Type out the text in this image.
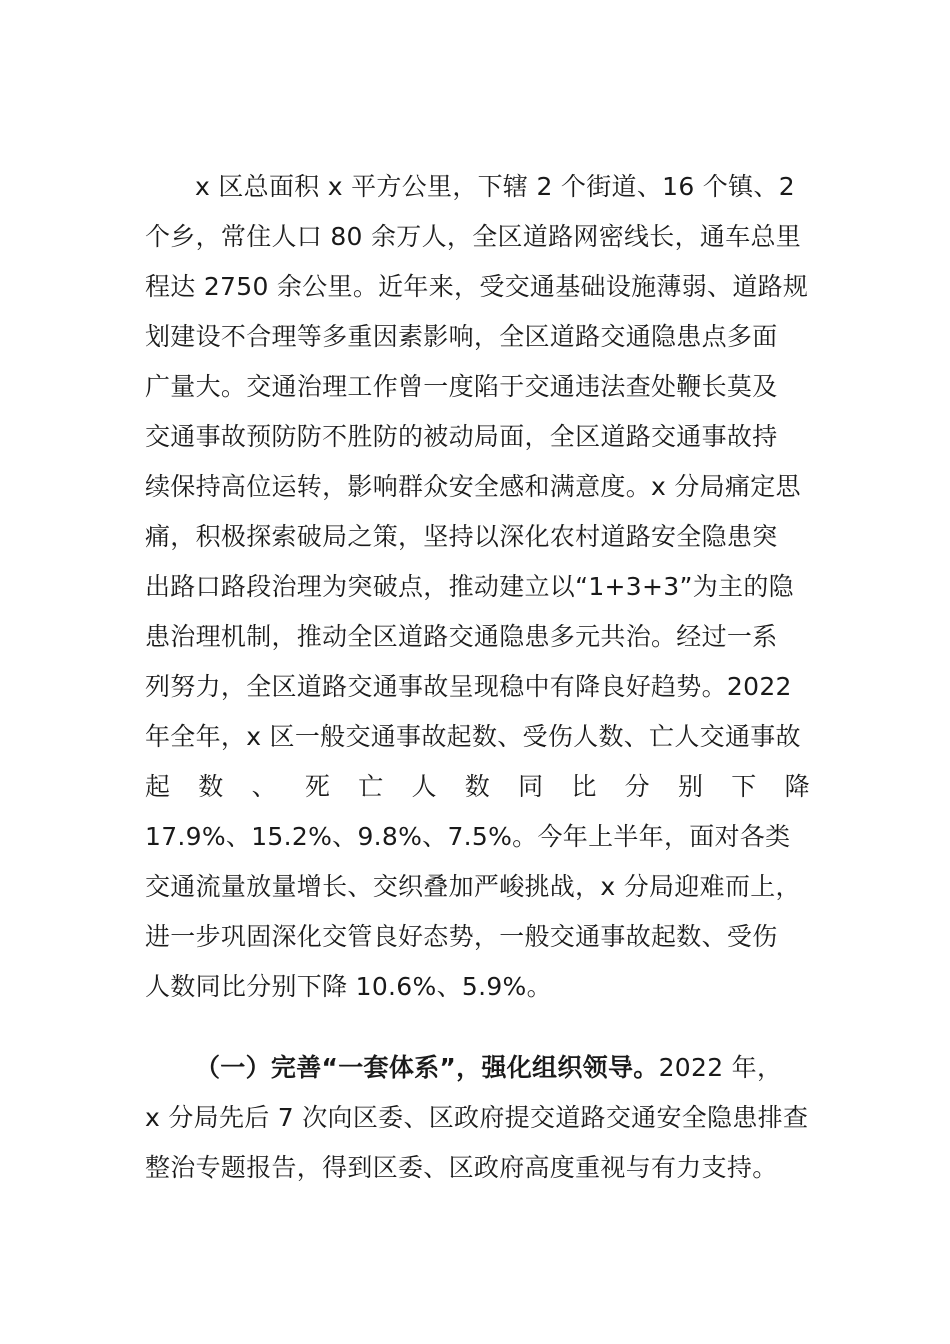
x 区总面积 x 平方公里，下辖 2 个街道、16 个镇、2
个乡，常住人口 80 余万人，全区道路网密线长，通车总里
程达 2750 余公里。近年来，受交通基础设施薄弱、道路规
划建设不合理等多重因素影响，全区道路交通隐患点多面
广量大。交通治理工作曾一度陷于交通违法查处鞭长莫及
交通事故预防防不胜防的被动局面，全区道路交通事故持
续保持高位运转，影响群众安全感和满意度。x 分局痛定思
痛，积极探索破局之策，坚持以深化农村道路安全隐患突
出路口路段治理为突破点，推动建立以“1+3+3”为主的隐
患治理机制，推动全区道路交通隐患多元共治。经过一系
列努力，全区道路交通事故呈现稳中有降良好趋势。2022
年全年，x 区一般交通事故起数、受伤人数、亡人交通事故
起 数 、 死 亡 人 数 同 比 分 别 下 降
17.9%、15.2%、9.8%、7.5%。今年上半年，面对各类
交通流量放量增长、交织叠加严峻挑战，x 分局迎难而上，
进一步巩固深化交管良好态势，一般交通事故起数、受伤
人数同比分别下降 10.6%、5.9%。
（一）完善“一套体系”，强化组织领导。2022 年，
x 分局先后 7 次向区委、区政府提交道路交通安全隐患排查
整治专题报告，得到区委、区政府高度重视与有力支持。
